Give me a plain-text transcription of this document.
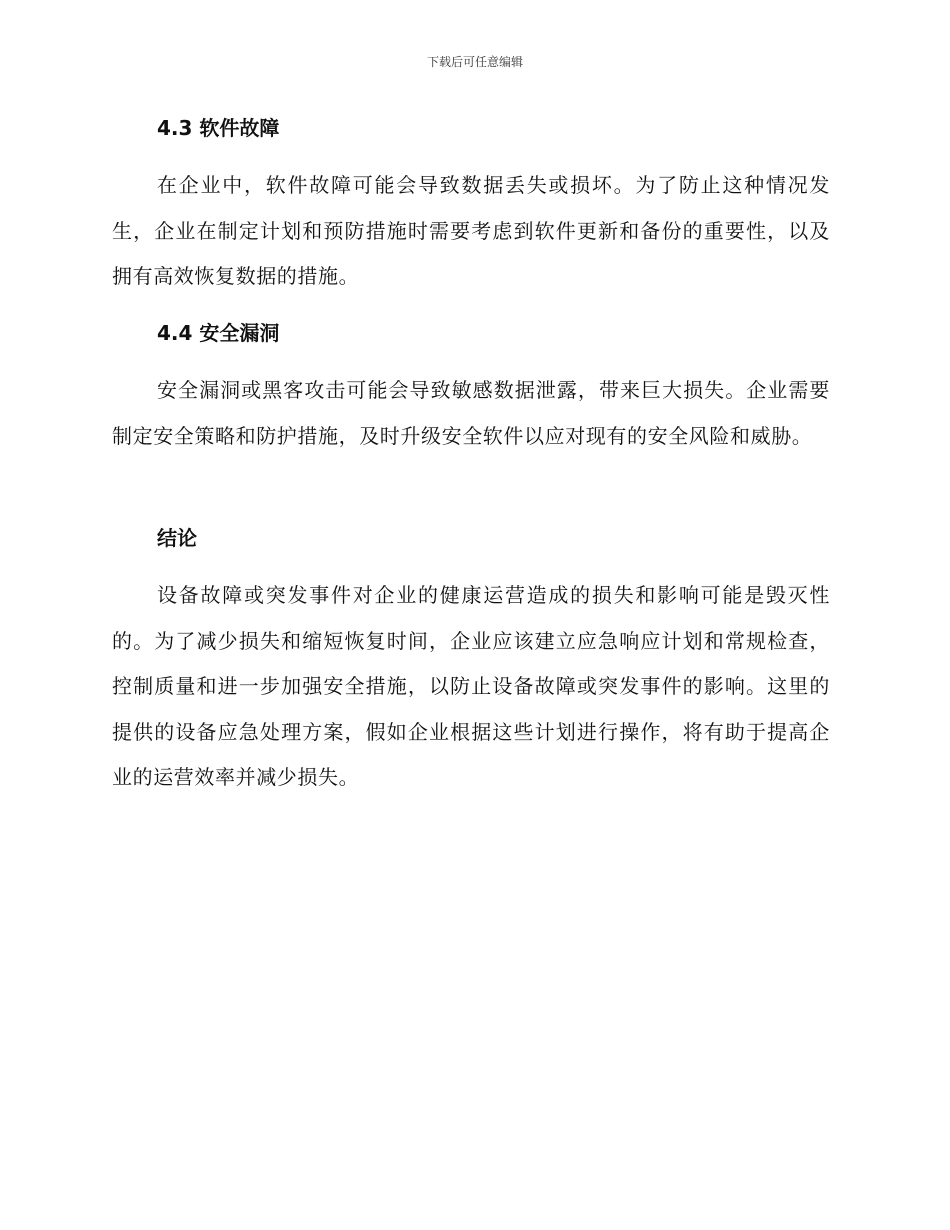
下载后可任意编辑
4.3 软件故障
在企业中，软件故障可能会导致数据丢失或损坏。为了防止这种情况发生，企业在制定计划和预防措施时需要考虑到软件更新和备份的重要性，以及拥有高效恢复数据的措施。
4.4 安全漏洞
安全漏洞或黑客攻击可能会导致敏感数据泄露，带来巨大损失。企业需要制定安全策略和防护措施，及时升级安全软件以应对现有的安全风险和威胁。
结论
设备故障或突发事件对企业的健康运营造成的损失和影响可能是毁灭性的。为了减少损失和缩短恢复时间，企业应该建立应急响应计划和常规检查，控制质量和进一步加强安全措施，以防止设备故障或突发事件的影响。这里的提供的设备应急处理方案，假如企业根据这些计划进行操作，将有助于提高企业的运营效率并减少损失。
